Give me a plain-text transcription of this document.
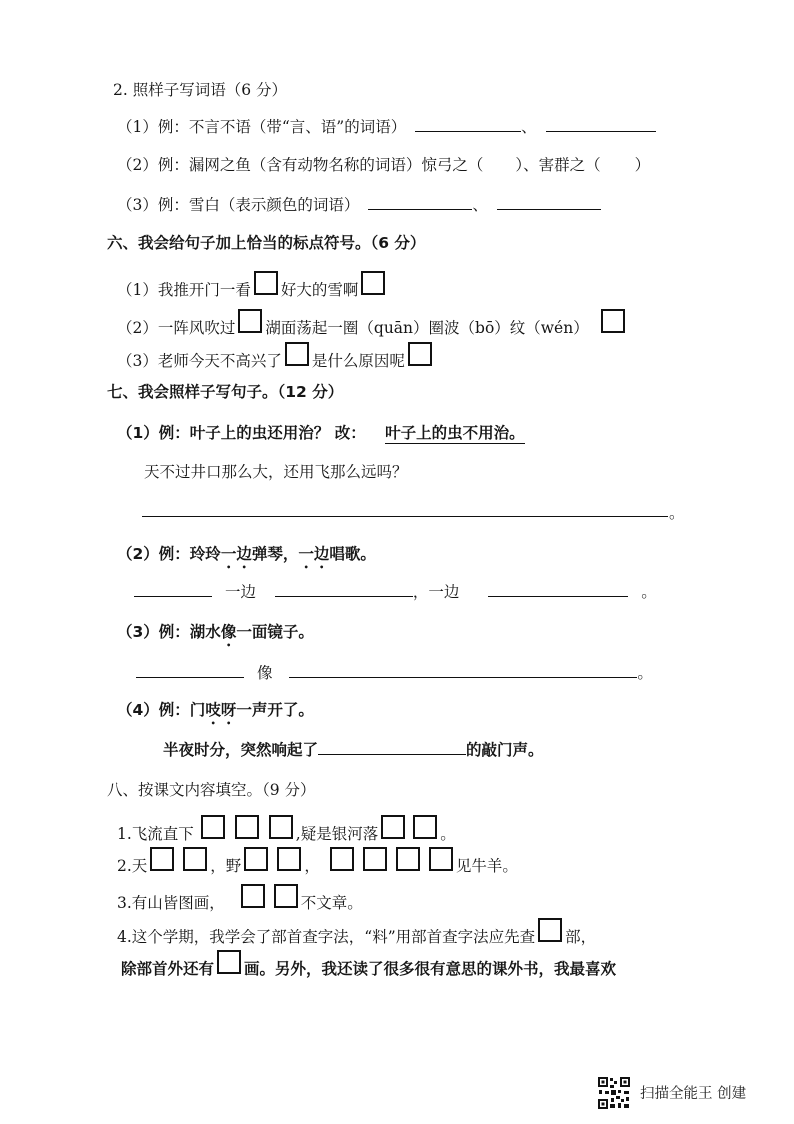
2. 照样子写词语（6 分）
（1）例：不言不语（带“言、语”的词语）	、
（2）例：漏网之鱼（含有动物名称的词语）惊弓之（ ）、害群之（ ）
（3）例：雪白（表示颜色的词语）	、
六、我会给句子加上恰当的标点符号。（6 分）
（1）我推开门一看 好大的雪啊
（2）一阵风吹过 湖面荡起一圈（quān）圈波（bō）纹（wén）
（3）老师今天不高兴了 是什么原因呢
七、我会照样子写句子。（12 分）
（1）例：叶子上的虫还用治？ 改： 叶子上的虫不用治。
天不过井口那么大，还用飞那么远吗？
。
（2）例：玲玲一边弹琴，一边唱歌。
一边	，一边	。
（3）例：湖水像一面镜子。
像	。
（4）例：门吱呀一声开了。
半夜时分，突然响起了	的敲门声。
八、按课文内容填空。（9 分）
1.飞流直下	,疑是银河落	。
2.天	，野	，	见牛羊。
3.有山皆图画，	不文章。
4.这个学期，我学会了部首查字法，“料”用部首查字法应先查 部，
除部首外还有 画。另外，我还读了很多很有意思的课外书，我最喜欢
扫描全能王 创建
